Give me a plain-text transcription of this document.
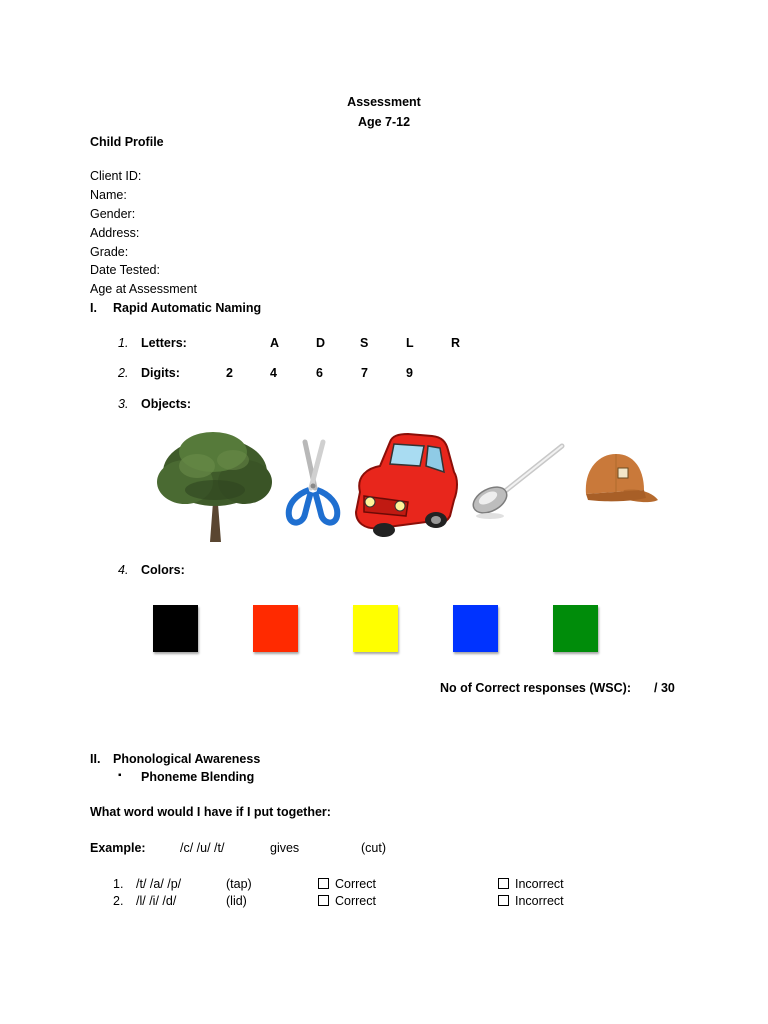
Assessment
Age 7-12
Child Profile
Client ID:
Name:
Gender:
Address:
Grade:
Date Tested:
Age at Assessment
I. Rapid Automatic Naming
1. Letters:	A	D	S	L	R
2. Digits:	2	4	6	7	9
3. Objects:
4. Colors:
No of Correct responses (WSC): / 30
II. Phonological Awareness
▪ Phoneme Blending
What word would I have if I put together:
Example:	/c/ /u/ /t/	gives	(cut)
1. /t/ /a/ /p/	(tap)	Correct	Incorrect
2. /l/ /i/ /d/	(lid)	Correct	Incorrect
